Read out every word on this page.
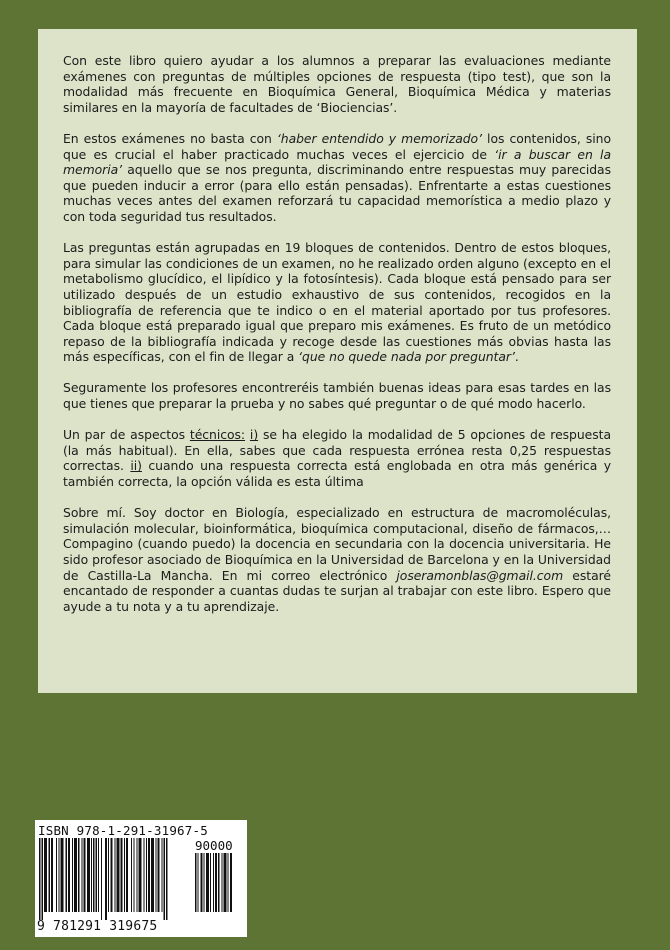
Con este libro quiero ayudar a los alumnos a preparar las evaluaciones mediante exámenes con preguntas de múltiples opciones de respuesta (tipo test), que son la modalidad más frecuente en Bioquímica General, Bioquímica Médica y materias similares en la mayoría de facultades de ‘Biociencias’.

En estos exámenes no basta con ‘haber entendido y memorizado’ los contenidos, sino que es crucial el haber practicado muchas veces el ejercicio de ‘ir a buscar en la memoria’ aquello que se nos pregunta, discriminando entre respuestas muy parecidas que pueden inducir a error (para ello están pensadas). Enfrentarte a estas cuestiones muchas veces antes del examen reforzará tu capacidad memorística a medio plazo y con toda seguridad tus resultados.

Las preguntas están agrupadas en 19 bloques de contenidos. Dentro de estos bloques, para simular las condiciones de un examen, no he realizado orden alguno (excepto en el metabolismo glucídico, el lipídico y la fotosíntesis). Cada bloque está pensado para ser utilizado después de un estudio exhaustivo de sus contenidos, recogidos en la bibliografía de referencia que te indico o en el material aportado por tus profesores. Cada bloque está preparado igual que preparo mis exámenes. Es fruto de un metódico repaso de la bibliografía indicada y recoge desde las cuestiones más obvias hasta las más específicas, con el fin de llegar a ‘que no quede nada por preguntar’.

Seguramente los profesores encontreréis también buenas ideas para esas tardes en las que tienes que preparar la prueba y no sabes qué preguntar o de qué modo hacerlo.

Un par de aspectos técnicos: i) se ha elegido la modalidad de 5 opciones de respuesta (la más habitual). En ella, sabes que cada respuesta errónea resta 0,25 respuestas correctas. ii) cuando una respuesta correcta está englobada en otra más genérica y también correcta, la opción válida es esta última

Sobre mí. Soy doctor en Biología, especializado en estructura de macromoléculas, simulación molecular, bioinformática, bioquímica computacional, diseño de fármacos,… Compagino (cuando puedo) la docencia en secundaria con la docencia universitaria. He sido profesor asociado de Bioquímica en la Universidad de Barcelona y en la Universidad de Castilla-La Mancha. En mi correo electrónico joseramonblas@gmail.com estaré encantado de responder a cuantas dudas te surjan al trabajar con este libro. Espero que ayude a tu nota y a tu aprendizaje.

ISBN 978-1-291-31967-5
90000
9 781291 319675
